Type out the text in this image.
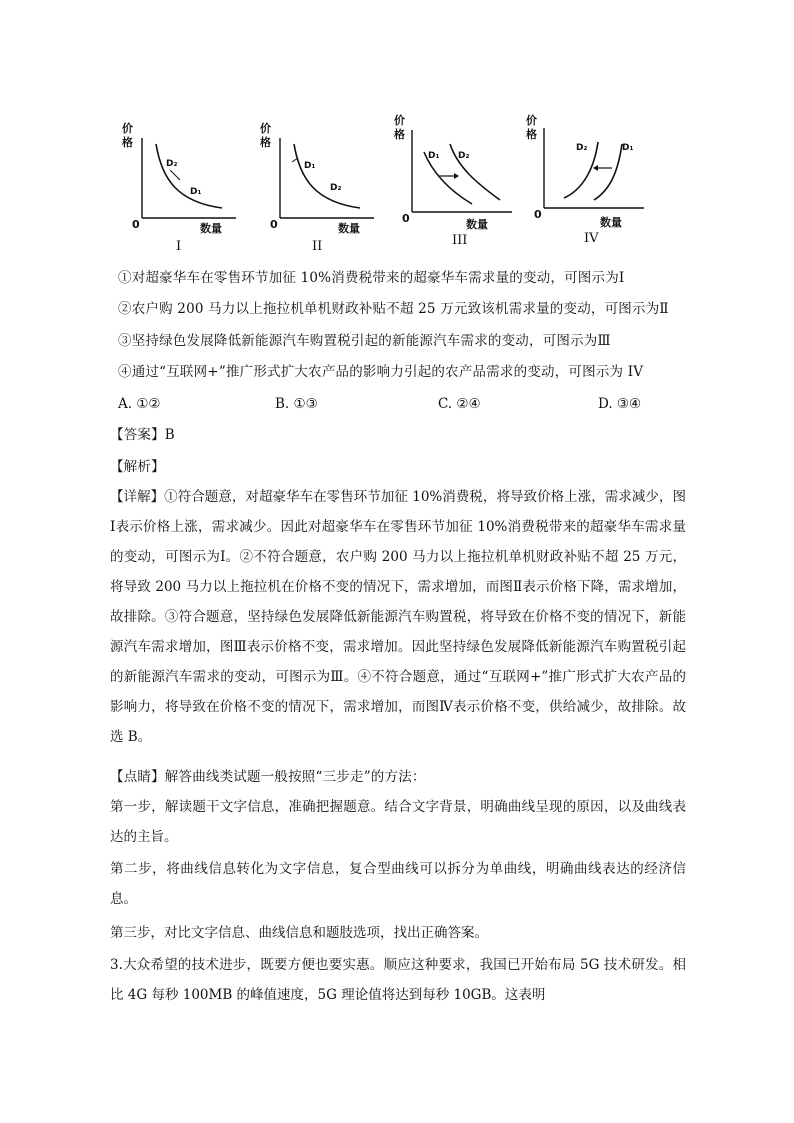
价
格
0	数量
D₂
D₁
I
价
格
0	数量
D₁
D₂
II
价
格
0	数量
D₁ D₂
III
价
格
0
数量
D₂	D₁
IV
①对超豪华车在零售环节加征 10%消费税带来的超豪华车需求量的变动，可图示为Ⅰ
②农户购 200 马力以上拖拉机单机财政补贴不超 25 万元致该机需求量的变动，可图示为Ⅱ
③坚持绿色发展降低新能源汽车购置税引起的新能源汽车需求的变动，可图示为Ⅲ
④通过“互联网+”推广形式扩大农产品的影响力引起的农产品需求的变动，可图示为 IV
A. ①②	B. ①③	C. ②④	D. ③④
【答案】B
【解析】
【详解】①符合题意，对超豪华车在零售环节加征 10%消费税，将导致价格上涨，需求减少，图Ⅰ表示价格上涨，需求减少。因此对超豪华车在零售环节加征 10%消费税带来的超豪华车需求量的变动，可图示为Ⅰ。②不符合题意，农户购 200 马力以上拖拉机单机财政补贴不超 25 万元，将导致 200 马力以上拖拉机在价格不变的情况下，需求增加，而图Ⅱ表示价格下降，需求增加，故排除。③符合题意，坚持绿色发展降低新能源汽车购置税，将导致在价格不变的情况下，新能源汽车需求增加，图Ⅲ表示价格不变，需求增加。因此坚持绿色发展降低新能源汽车购置税引起的新能源汽车需求的变动，可图示为Ⅲ。④不符合题意，通过“互联网+”推广形式扩大农产品的影响力，将导致在价格不变的情况下，需求增加，而图Ⅳ表示价格不变，供给减少，故排除。故选 B。
【点睛】解答曲线类试题一般按照“三步走”的方法：
第一步，解读题干文字信息，准确把握题意。结合文字背景，明确曲线呈现的原因，以及曲线表达的主旨。
第二步，将曲线信息转化为文字信息，复合型曲线可以拆分为单曲线，明确曲线表达的经济信息。
第三步，对比文字信息、曲线信息和题肢选项，找出正确答案。
3.大众希望的技术进步，既要方便也要实惠。顺应这种要求，我国已开始布局 5G 技术研发。相比 4G 每秒 100MB 的峰值速度，5G 理论值将达到每秒 10GB。这表明
